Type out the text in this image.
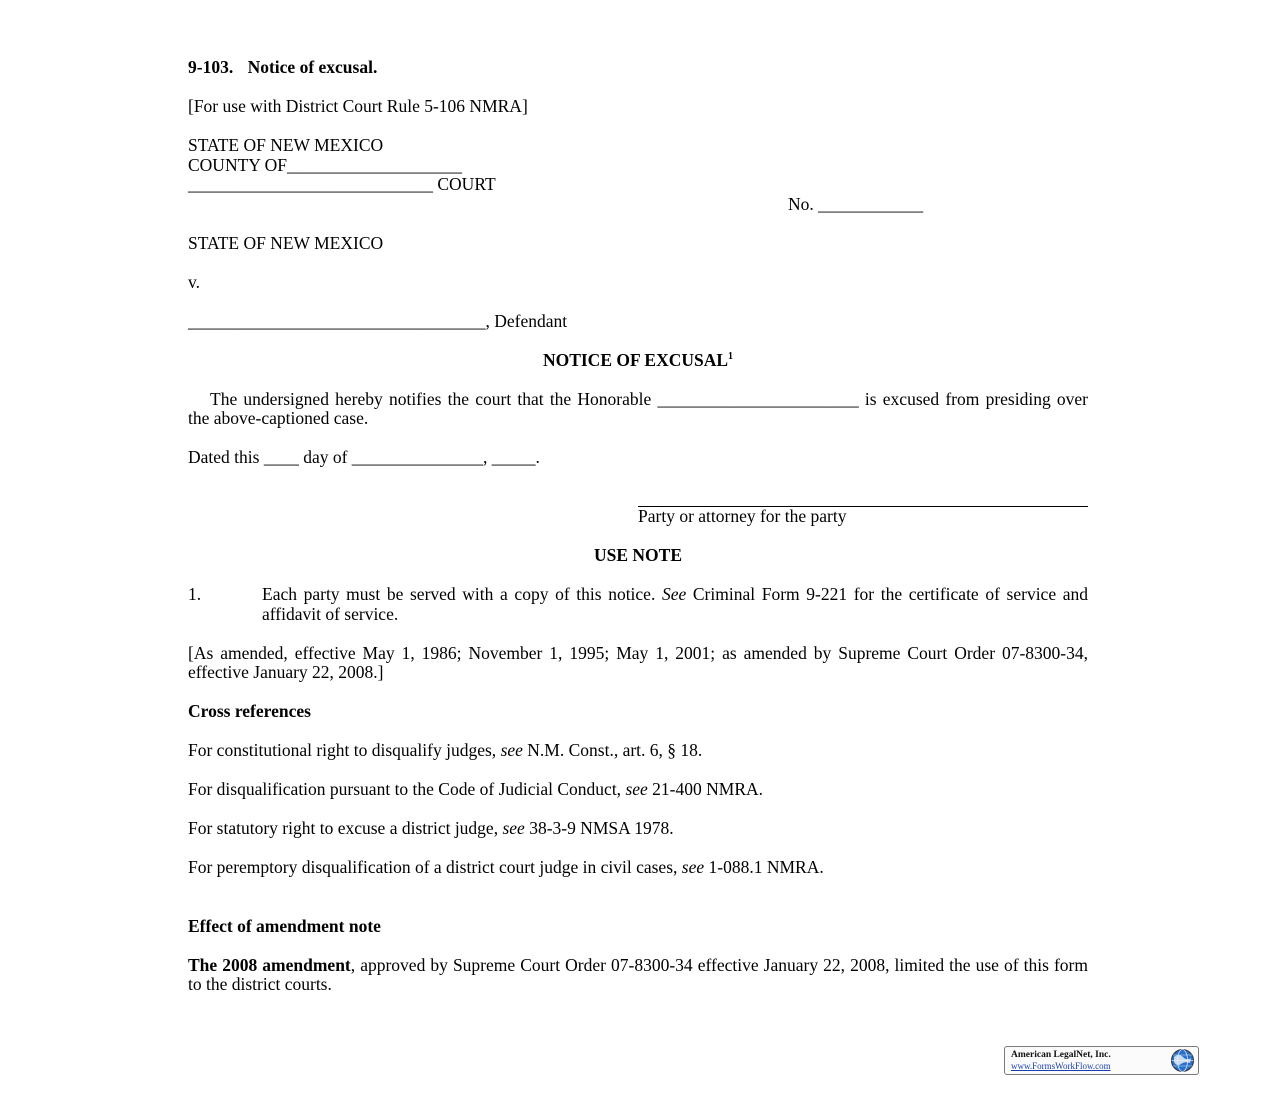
9-103. Notice of excusal.

[For use with District Court Rule 5-106 NMRA]

STATE OF NEW MEXICO

COUNTY OF____________________

____________________________ COURT

No. ____________

STATE OF NEW MEXICO

v.

__________________________________, Defendant

NOTICE OF EXCUSAL$^1$

The undersigned hereby notifies the court that the Honorable _______________________ is excused from presiding over the above-captioned case.

Dated this ____ day of _______________, _____.

Party or attorney for the party

USE NOTE

1.	Each party must be served with a copy of this notice. See Criminal Form 9-221 for the certificate of service and affidavit of service.

[As amended, effective May 1, 1986; November 1, 1995; May 1, 2001; as amended by Supreme Court Order 07-8300-34, effective January 22, 2008.]

Cross references

For constitutional right to disqualify judges, see N.M. Const., art. 6, § 18.

For disqualification pursuant to the Code of Judicial Conduct, see 21-400 NMRA.

For statutory right to excuse a district judge, see 38-3-9 NMSA 1978.

For peremptory disqualification of a district court judge in civil cases, see 1-088.1 NMRA.

Effect of amendment note

The 2008 amendment, approved by Supreme Court Order 07-8300-34 effective January 22, 2008, limited the use of this form to the district courts.

American LegalNet, Inc.
www.FormsWorkFlow.com
